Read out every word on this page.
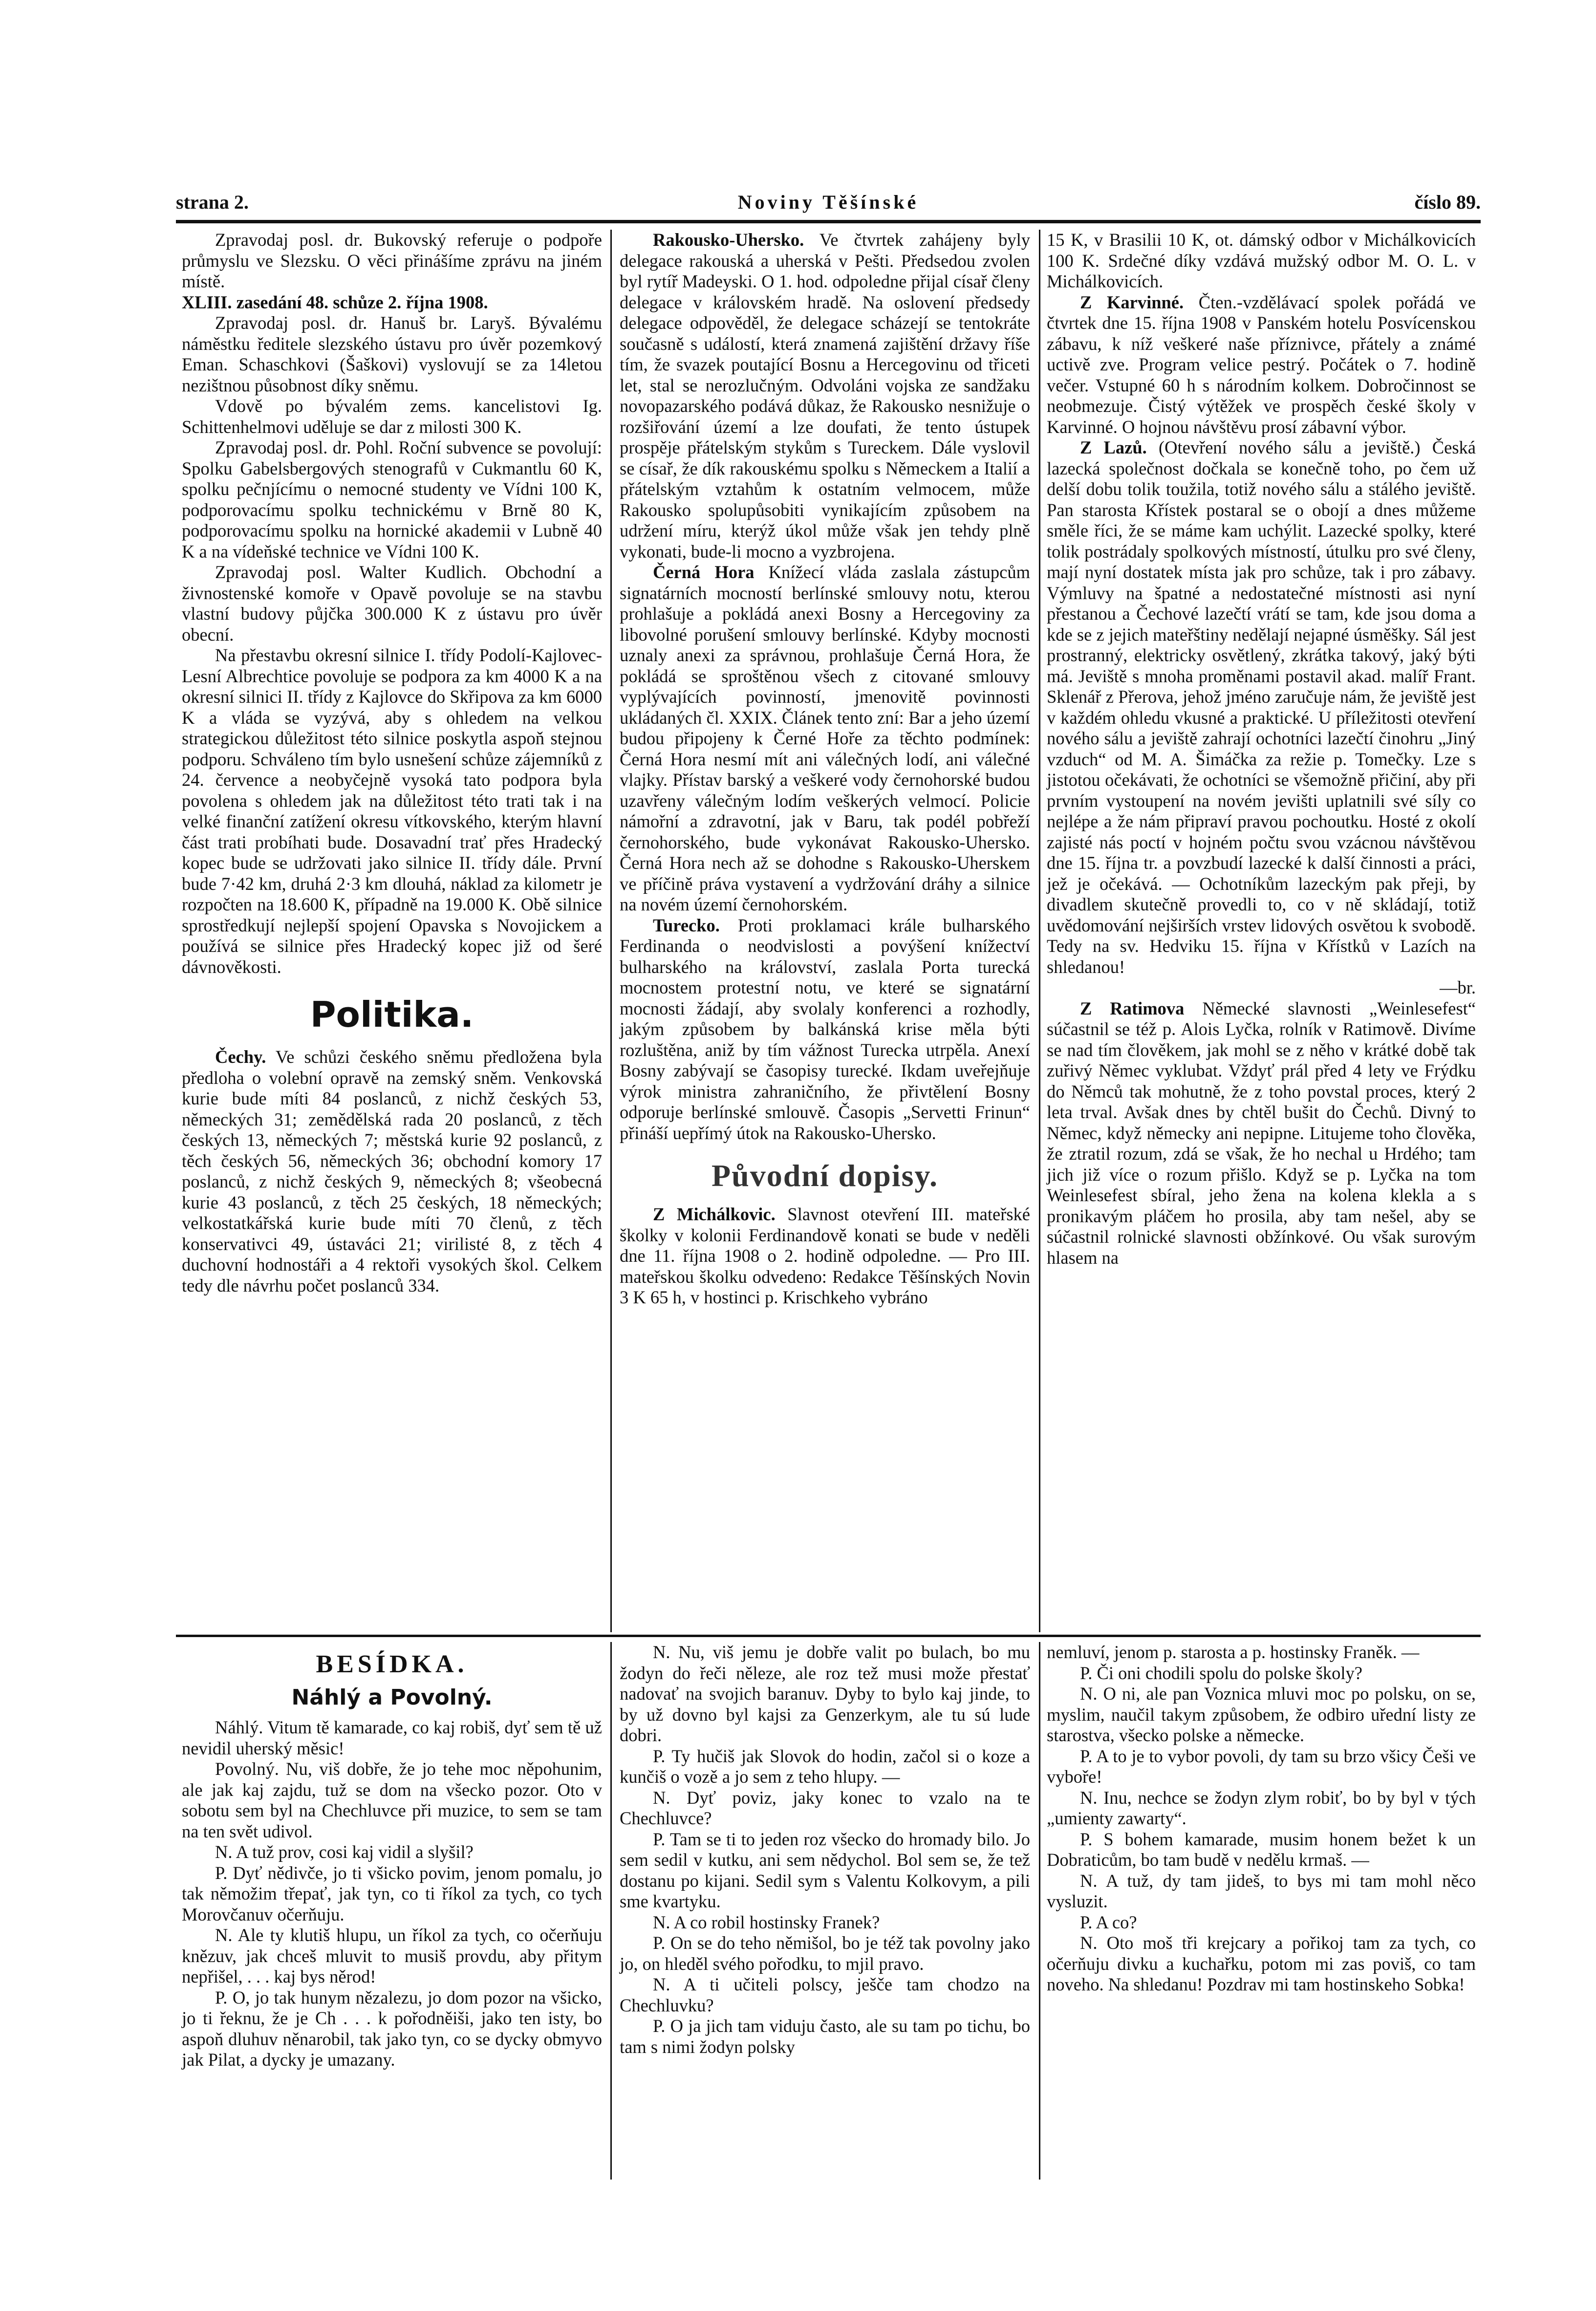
strana 2.	Noviny Těšínské	číslo 89.

Zpravodaj posl. dr. Bukovský referuje o podpoře průmyslu ve Slezsku. O věci přinášíme zprávu na jiném místě.

XLIII. zasedání 48. schůze 2. října 1908.

Zpravodaj posl. dr. Hanuš br. Laryš. Bývalému náměstku ředitele slezského ústavu pro úvěr pozemkový Eman. Schaschkovi (Šaškovi) vyslovují se za 14letou nezištnou působnost díky sněmu.

Vdově po bývalém zems. kancelistovi Ig. Schittenhelmovi uděluje se dar z milosti 300 K.

Zpravodaj posl. dr. Pohl. Roční subvence se povolují: Spolku Gabelsbergových stenografů v Cukmantlu 60 K, spolku pečnjícímu o nemocné studenty ve Vídni 100 K, podporovacímu spolku technickému v Brně 80 K, podporovacímu spolku na hornické akademii v Lubně 40 K a na vídeňské technice ve Vídni 100 K.

Zpravodaj posl. Walter Kudlich. Obchodní a živnostenské komoře v Opavě povoluje se na stavbu vlastní budovy půjčka 300.000 K z ústavu pro úvěr obecní.

Na přestavbu okresní silnice I. třídy Podolí-Kajlovec-Lesní Albrechtice povoluje se podpora za km 4000 K a na okresní silnici II. třídy z Kajlovce do Skřipova za km 6000 K a vláda se vyzývá, aby s ohledem na velkou strategickou důležitost této silnice poskytla aspoň stejnou podporu. Schváleno tím bylo usnešení schůze zájemníků z 24. července a neobyčejně vysoká tato podpora byla povolena s ohledem jak na důležitost této trati tak i na velké finanční zatížení okresu vítkovského, kterým hlavní část trati probíhati bude. Dosavadní trať přes Hradecký kopec bude se udržovati jako silnice II. třídy dále. První bude 7·42 km, druhá 2·3 km dlouhá, náklad za kilometr je rozpočten na 18.600 K, případně na 19.000 K. Obě silnice sprostředkují nejlepší spojení Opavska s Novojickem a používá se silnice přes Hradecký kopec již od šeré dávnověkosti.

Politika.

Čechy. Ve schůzi českého sněmu předložena byla předloha o volební opravě na zemský sněm. Venkovská kurie bude míti 84 poslanců, z nichž českých 53, německých 31; zemědělská rada 20 poslanců, z těch českých 13, německých 7; městská kurie 92 poslanců, z těch českých 56, německých 36; obchodní komory 17 poslanců, z nichž českých 9, německých 8; všeobecná kurie 43 poslanců, z těch 25 českých, 18 německých; velkostatkářská kurie bude míti 70 členů, z těch konservativci 49, ústaváci 21; virilisté 8, z těch 4 duchovní hodnostáři a 4 rektoři vysokých škol. Celkem tedy dle návrhu počet poslanců 334.

Rakousko-Uhersko. Ve čtvrtek zahájeny byly delegace rakouská a uherská v Pešti. Předsedou zvolen byl rytíř Madeyski. O 1. hod. odpoledne přijal císař členy delegace v královském hradě. Na oslovení předsedy delegace odpověděl, že delegace scházejí se tentokráte současně s událostí, která znamená zajištění državy říše tím, že svazek poutající Bosnu a Hercegovinu od třiceti let, stal se nerozlučným. Odvoláni vojska ze sandžaku novopazarského podává důkaz, že Rakousko nesnižuje o rozšiřování území a lze doufati, že tento ústupek prospěje přátelským stykům s Tureckem. Dále vyslovil se císař, že dík rakouskému spolku s Německem a Italií a přátelským vztahům k ostatním velmocem, může Rakousko spolupůsobiti vynikajícím způsobem na udržení míru, kterýž úkol může však jen tehdy plně vykonati, bude-li mocno a vyzbrojena.

Černá Hora Knížecí vláda zaslala zástupcům signatárních mocností berlínské smlouvy notu, kterou prohlašuje a pokládá anexi Bosny a Hercegoviny za libovolné porušení smlouvy berlínské. Kdyby mocnosti uznaly anexi za správnou, prohlašuje Černá Hora, že pokládá se sproštěnou všech z citované smlouvy vyplývajících povinností, jmenovitě povinnosti ukládaných čl. XXIX. Článek tento zní: Bar a jeho území budou připojeny k Černé Hoře za těchto podmínek: Černá Hora nesmí mít ani válečných lodí, ani válečné vlajky. Přístav barský a veškeré vody černohorské budou uzavřeny válečným lodím veškerých velmocí. Policie námořní a zdravotní, jak v Baru, tak podél pobřeží černohorského, bude vykonávat Rakousko-Uhersko. Černá Hora nech až se dohodne s Rakousko-Uherskem ve příčině práva vystavení a vydržování dráhy a silnice na novém území černohorském.

Turecko. Proti proklamaci krále bulharského Ferdinanda o neodvislosti a povýšení knížectví bulharského na království, zaslala Porta turecká mocnostem protestní notu, ve které se signatární mocnosti žádají, aby svolaly konferenci a rozhodly, jakým způsobem by balkánská krise měla býti rozluštěna, aniž by tím vážnost Turecka utrpěla. Anexí Bosny zabývají se časopisy turecké. Ikdam uveřejňuje výrok ministra zahraničního, že přivtělení Bosny odporuje berlínské smlouvě. Časopis „Servetti Frinun“ přináší uepřímý útok na Rakousko-Uhersko.

Původní dopisy.

Z Michálkovic. Slavnost otevření III. mateřské školky v kolonii Ferdinandově konati se bude v neděli dne 11. října 1908 o 2. hodině odpoledne. — Pro III. mateřskou školku odvedeno: Redakce Těšínských Novin 3 K 65 h, v hostinci p. Krischkeho vybráno

15 K, v Brasilii 10 K, ot. dámský odbor v Michálkovicích 100 K. Srdečné díky vzdává mužský odbor M. O. L. v Michálkovicích.

Z Karvinné. Čten.-vzdělávací spolek pořádá ve čtvrtek dne 15. října 1908 v Panském hotelu Posvícenskou zábavu, k níž veškeré naše příznivce, přátely a známé uctivě zve. Program velice pestrý. Počátek o 7. hodině večer. Vstupné 60 h s národním kolkem. Dobročinnost se neobmezuje. Čistý výtěžek ve prospěch české školy v Karvinné. O hojnou návštěvu prosí zábavní výbor.

Z Lazů. (Otevření nového sálu a jeviště.) Česká lazecká společnost dočkala se konečně toho, po čem už delší dobu tolik toužila, totiž nového sálu a stálého jeviště. Pan starosta Křístek postaral se o obojí a dnes můžeme směle říci, že se máme kam uchýlit. Lazecké spolky, které tolik postrádaly spolkových místností, útulku pro své členy, mají nyní dostatek místa jak pro schůze, tak i pro zábavy. Výmluvy na špatné a nedostatečné místnosti asi nyní přestanou a Čechové lazečtí vrátí se tam, kde jsou doma a kde se z jejich mateřštiny nedělají nejapné úsměšky. Sál jest prostranný, elektricky osvětlený, zkrátka takový, jaký býti má. Jeviště s mnoha proměnami postavil akad. malíř Frant. Sklenář z Přerova, jehož jméno zaručuje nám, že jeviště jest v každém ohledu vkusné a praktické. U příležitosti otevření nového sálu a jeviště zahrají ochotníci lazečtí činohru „Jiný vzduch“ od M. A. Šimáčka za režie p. Tomečky. Lze s jistotou očekávati, že ochotníci se všemožně přičiní, aby při prvním vystoupení na novém jevišti uplatnili své síly co nejlépe a že nám připraví pravou pochoutku. Hosté z okolí zajisté nás poctí v hojném počtu svou vzácnou návštěvou dne 15. října tr. a povzbudí lazecké k další činnosti a práci, jež je očekává. — Ochotníkům lazeckým pak přeji, by divadlem skutečně provedli to, co v ně skládají, totiž uvědomování nejširších vrstev lidových osvětou k svobodě. Tedy na sv. Hedviku 15. října v Křístků v Lazích na shledanou!

—br.

Z Ratimova Německé slavnosti „Weinlesefest“ súčastnil se též p. Alois Lyčka, rolník v Ratimově. Divíme se nad tím člověkem, jak mohl se z něho v krátké době tak zuřivý Němec vyklubat. Vždyť prál před 4 lety ve Frýdku do Němců tak mohutně, že z toho povstal proces, který 2 leta trval. Avšak dnes by chtěl bušit do Čechů. Divný to Němec, když německy ani nepipne. Litujeme toho člověka, že ztratil rozum, zdá se však, že ho nechal u Hrdého; tam jich již více o rozum přišlo. Když se p. Lyčka na tom Weinlesefest sbíral, jeho žena na kolena klekla a s pronikavým pláčem ho prosila, aby tam nešel, aby se súčastnil rolnické slavnosti obžínkové. Ou však surovým hlasem na

BESÍDKA.
Náhlý a Povolný.

Náhlý. Vitum tě kamarade, co kaj robiš, dyť sem tě už nevidil uherský měsic!

Povolný. Nu, viš dobře, že jo tehe moc něpohunim, ale jak kaj zajdu, tuž se dom na všecko pozor. Oto v sobotu sem byl na Chechluvce při muzice, to sem se tam na ten svět udivol.

N. A tuž prov, cosi kaj vidil a slyšil?

P. Dyť nědivče, jo ti všicko povim, jenom pomalu, jo tak němožim třepať, jak tyn, co ti říkol za tych, co tych Morovčanuv očerňuju.

N. Ale ty klutiš hlupu, un říkol za tych, co očerňuju knězuv, jak chceš mluvit to musiš provdu, aby přitym nepřišel, . . . kaj bys něrod!

P. O, jo tak hunym nězalezu, jo dom pozor na všicko, jo ti řeknu, že je Ch . . . k pořodněiši, jako ten isty, bo aspoň dluhuv něnarobil, tak jako tyn, co se dycky obmyvo jak Pilat, a dycky je umazany.

N. Nu, viš jemu je dobře valit po bulach, bo mu žodyn do řeči něleze, ale roz tež musi može přestať nadovať na svojich baranuv. Dyby to bylo kaj jinde, to by už dovno byl kajsi za Genzerkym, ale tu sú lude dobri.

P. Ty hučiš jak Slovok do hodin, začol si o koze a kunčiš o vozě a jo sem z teho hlupy. —

N. Dyť poviz, jaky konec to vzalo na te Chechluvce?

P. Tam se ti to jeden roz všecko do hromady bilo. Jo sem sedil v kutku, ani sem nědychol. Bol sem se, že tež dostanu po kijani. Sedil sym s Valentu Kolkovym, a pili sme kvartyku.

N. A co robil hostinsky Franek?

P. On se do teho němišol, bo je též tak povolny jako jo, on hleděl svého pořodku, to mjil pravo.

N. A ti učiteli polscy, ješče tam chodzo na Chechluvku?

P. O ja jich tam viduju často, ale su tam po tichu, bo tam s nimi žodyn polsky

nemluví, jenom p. starosta a p. hostinsky Franěk. —

P. Či oni chodili spolu do polske školy?

N. O ni, ale pan Voznica mluvi moc po polsku, on se, myslim, naučil takym způsobem, že odbiro uřední listy ze starostva, všecko polske a německe.

P. A to je to vybor povoli, dy tam su brzo všicy Češi ve vyboře!

N. Inu, nechce se žodyn zlym robiť, bo by byl v tých „umienty zawarty“.

P. S bohem kamarade, musim honem bežet k un Dobraticům, bo tam budě v nedělu krmaš. —

N. A tuž, dy tam jideš, to bys mi tam mohl něco vysluzit.

P. A co?

N. Oto moš tři krejcary a pořikoj tam za tych, co očerňuju divku a kuchařku, potom mi zas poviš, co tam noveho. Na shledanu! Pozdrav mi tam hostinskeho Sobka!
